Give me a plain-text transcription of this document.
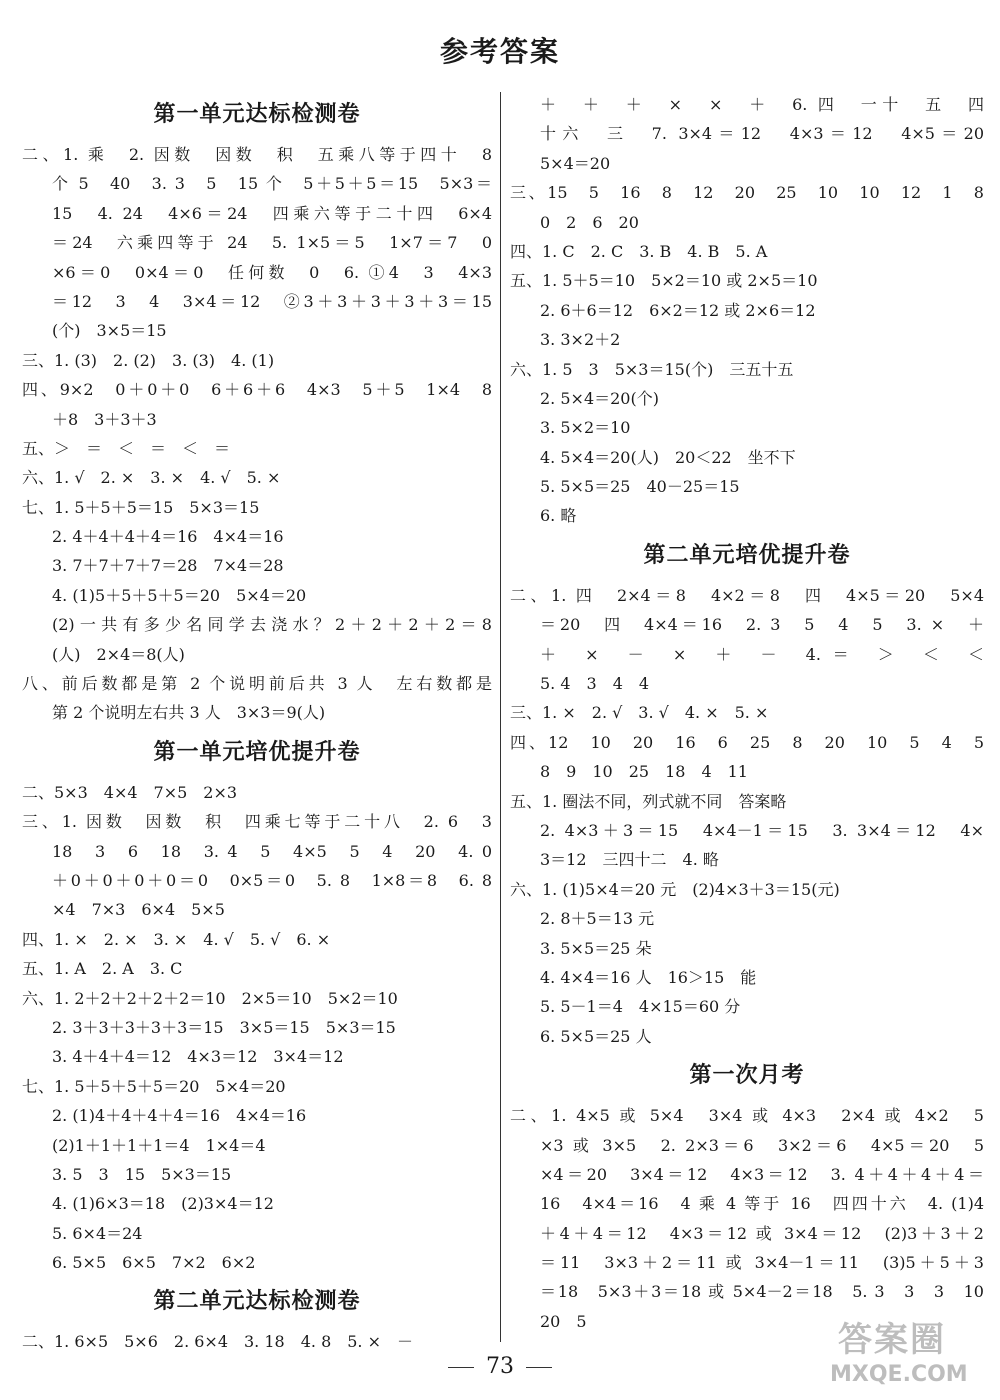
参考答案
第一单元达标检测卷
二、1. 乘　2. 因数　因数　积　五乘八等于四十　8
个 5　40　3. 3　5　15 个　5＋5＋5＝15　5×3＝
15　4. 24　4×6＝24　四乘六等于二十四　6×4
＝24　六乘四等于 24　5. 1×5＝5　1×7＝7　0
×6＝0　0×4＝0　任何数　0　6. ①4　3　4×3
＝12　3　4　3×4＝12　②3＋3＋3＋3＋3＝15
(个)　3×5＝15
三、1. (3)　2. (2)　3. (3)　4. (1)
四、9×2　0＋0＋0　6＋6＋6　4×3　5＋5　1×4　8
＋8　3＋3＋3
五、＞　＝　＜　＝　＜　＝
六、1. √　2. ×　3. ×　4. √　5. ×
七、1. 5＋5＋5＝15　5×3＝15
2. 4＋4＋4＋4＝16　4×4＝16
3. 7＋7＋7＋7＝28　7×4＝28
4. (1)5＋5＋5＋5＝20　5×4＝20
(2)一共有多少名同学去浇水？2＋2＋2＋2＝8
(人)　2×4＝8(人)
八、前后数都是第 2 个说明前后共 3 人　左右数都是
第 2 个说明左右共 3 人　3×3＝9(人)
第一单元培优提升卷
二、5×3　4×4　7×5　2×3
三、1. 因数　因数　积　四乘七等于二十八　2. 6　3
18　3　6　18　3. 4　5　4×5　5　4　20　4. 0
＋0＋0＋0＋0＝0　0×5＝0　5. 8　1×8＝8　6. 8
×4　7×3　6×4　5×5
四、1. ×　2. ×　3. ×　4. √　5. √　6. ×
五、1. A　2. A　3. C
六、1. 2＋2＋2＋2＋2＝10　2×5＝10　5×2＝10
2. 3＋3＋3＋3＋3＝15　3×5＝15　5×3＝15
3. 4＋4＋4＝12　4×3＝12　3×4＝12
七、1. 5＋5＋5＋5＝20　5×4＝20
2. (1)4＋4＋4＋4＝16　4×4＝16
(2)1＋1＋1＋1＝4　1×4＝4
3. 5　3　15　5×3＝15
4. (1)6×3＝18　(2)3×4＝12
5. 6×4＝24
6. 5×5　6×5　7×2　6×2
第二单元达标检测卷
二、1. 6×5　5×6　2. 6×4　3. 18　4. 8　5. ×　－
＋　＋　＋　×　×　＋　6. 四　一十　五　四
十六　三　7. 3×4＝12　4×3＝12　4×5＝20
5×4＝20
三、15　5　16　8　12　20　25　10　10　12　1　8
0　2　6　20
四、1. C　2. C　3. B　4. B　5. A
五、1. 5＋5＝10　5×2＝10 或 2×5＝10
2. 6＋6＝12　6×2＝12 或 2×6＝12
3. 3×2＋2
六、1. 5　3　5×3＝15(个)　三五十五
2. 5×4＝20(个)
3. 5×2＝10
4. 5×4＝20(人)　20＜22　坐不下
5. 5×5＝25　40－25＝15
6. 略
第二单元培优提升卷
二、1. 四　2×4＝8　4×2＝8　四　4×5＝20　5×4
＝20　四　4×4＝16　2. 3　5　4　5　3. ×　＋
＋　×　－　×　＋　－　4. ＝　＞　＜　＜
5. 4　3　4　4
三、1. ×　2. √　3. √　4. ×　5. ×
四、12　10　20　16　6　25　8　20　10　5　4　5
8　9　10　25　18　4　11
五、1. 圈法不同，列式就不同　答案略
2. 4×3＋3＝15　4×4－1＝15　3. 3×4＝12　4×
3＝12　三四十二　4. 略
六、1. (1)5×4＝20 元　(2)4×3＋3＝15(元)
2. 8＋5＝13 元
3. 5×5＝25 朵
4. 4×4＝16 人　16＞15　能
5. 5－1＝4　4×15＝60 分
6. 5×5＝25 人
第一次月考
二、1. 4×5 或 5×4　3×4 或 4×3　2×4 或 4×2　5
×3 或 3×5　2. 2×3＝6　3×2＝6　4×5＝20　5
×4＝20　3×4＝12　4×3＝12　3. 4＋4＋4＋4＝
16　4×4＝16　4 乘 4 等于 16　四四十六　4. (1)4
＋4＋4＝12　4×3＝12 或 3×4＝12　(2)3＋3＋2
＝11　3×3＋2＝11 或 3×4－1＝11　(3)5＋5＋3
＝18　5×3＋3＝18 或 5×4－2＝18　5. 3　3　3　10
20　5
73
答案圈
MXQE.COM
